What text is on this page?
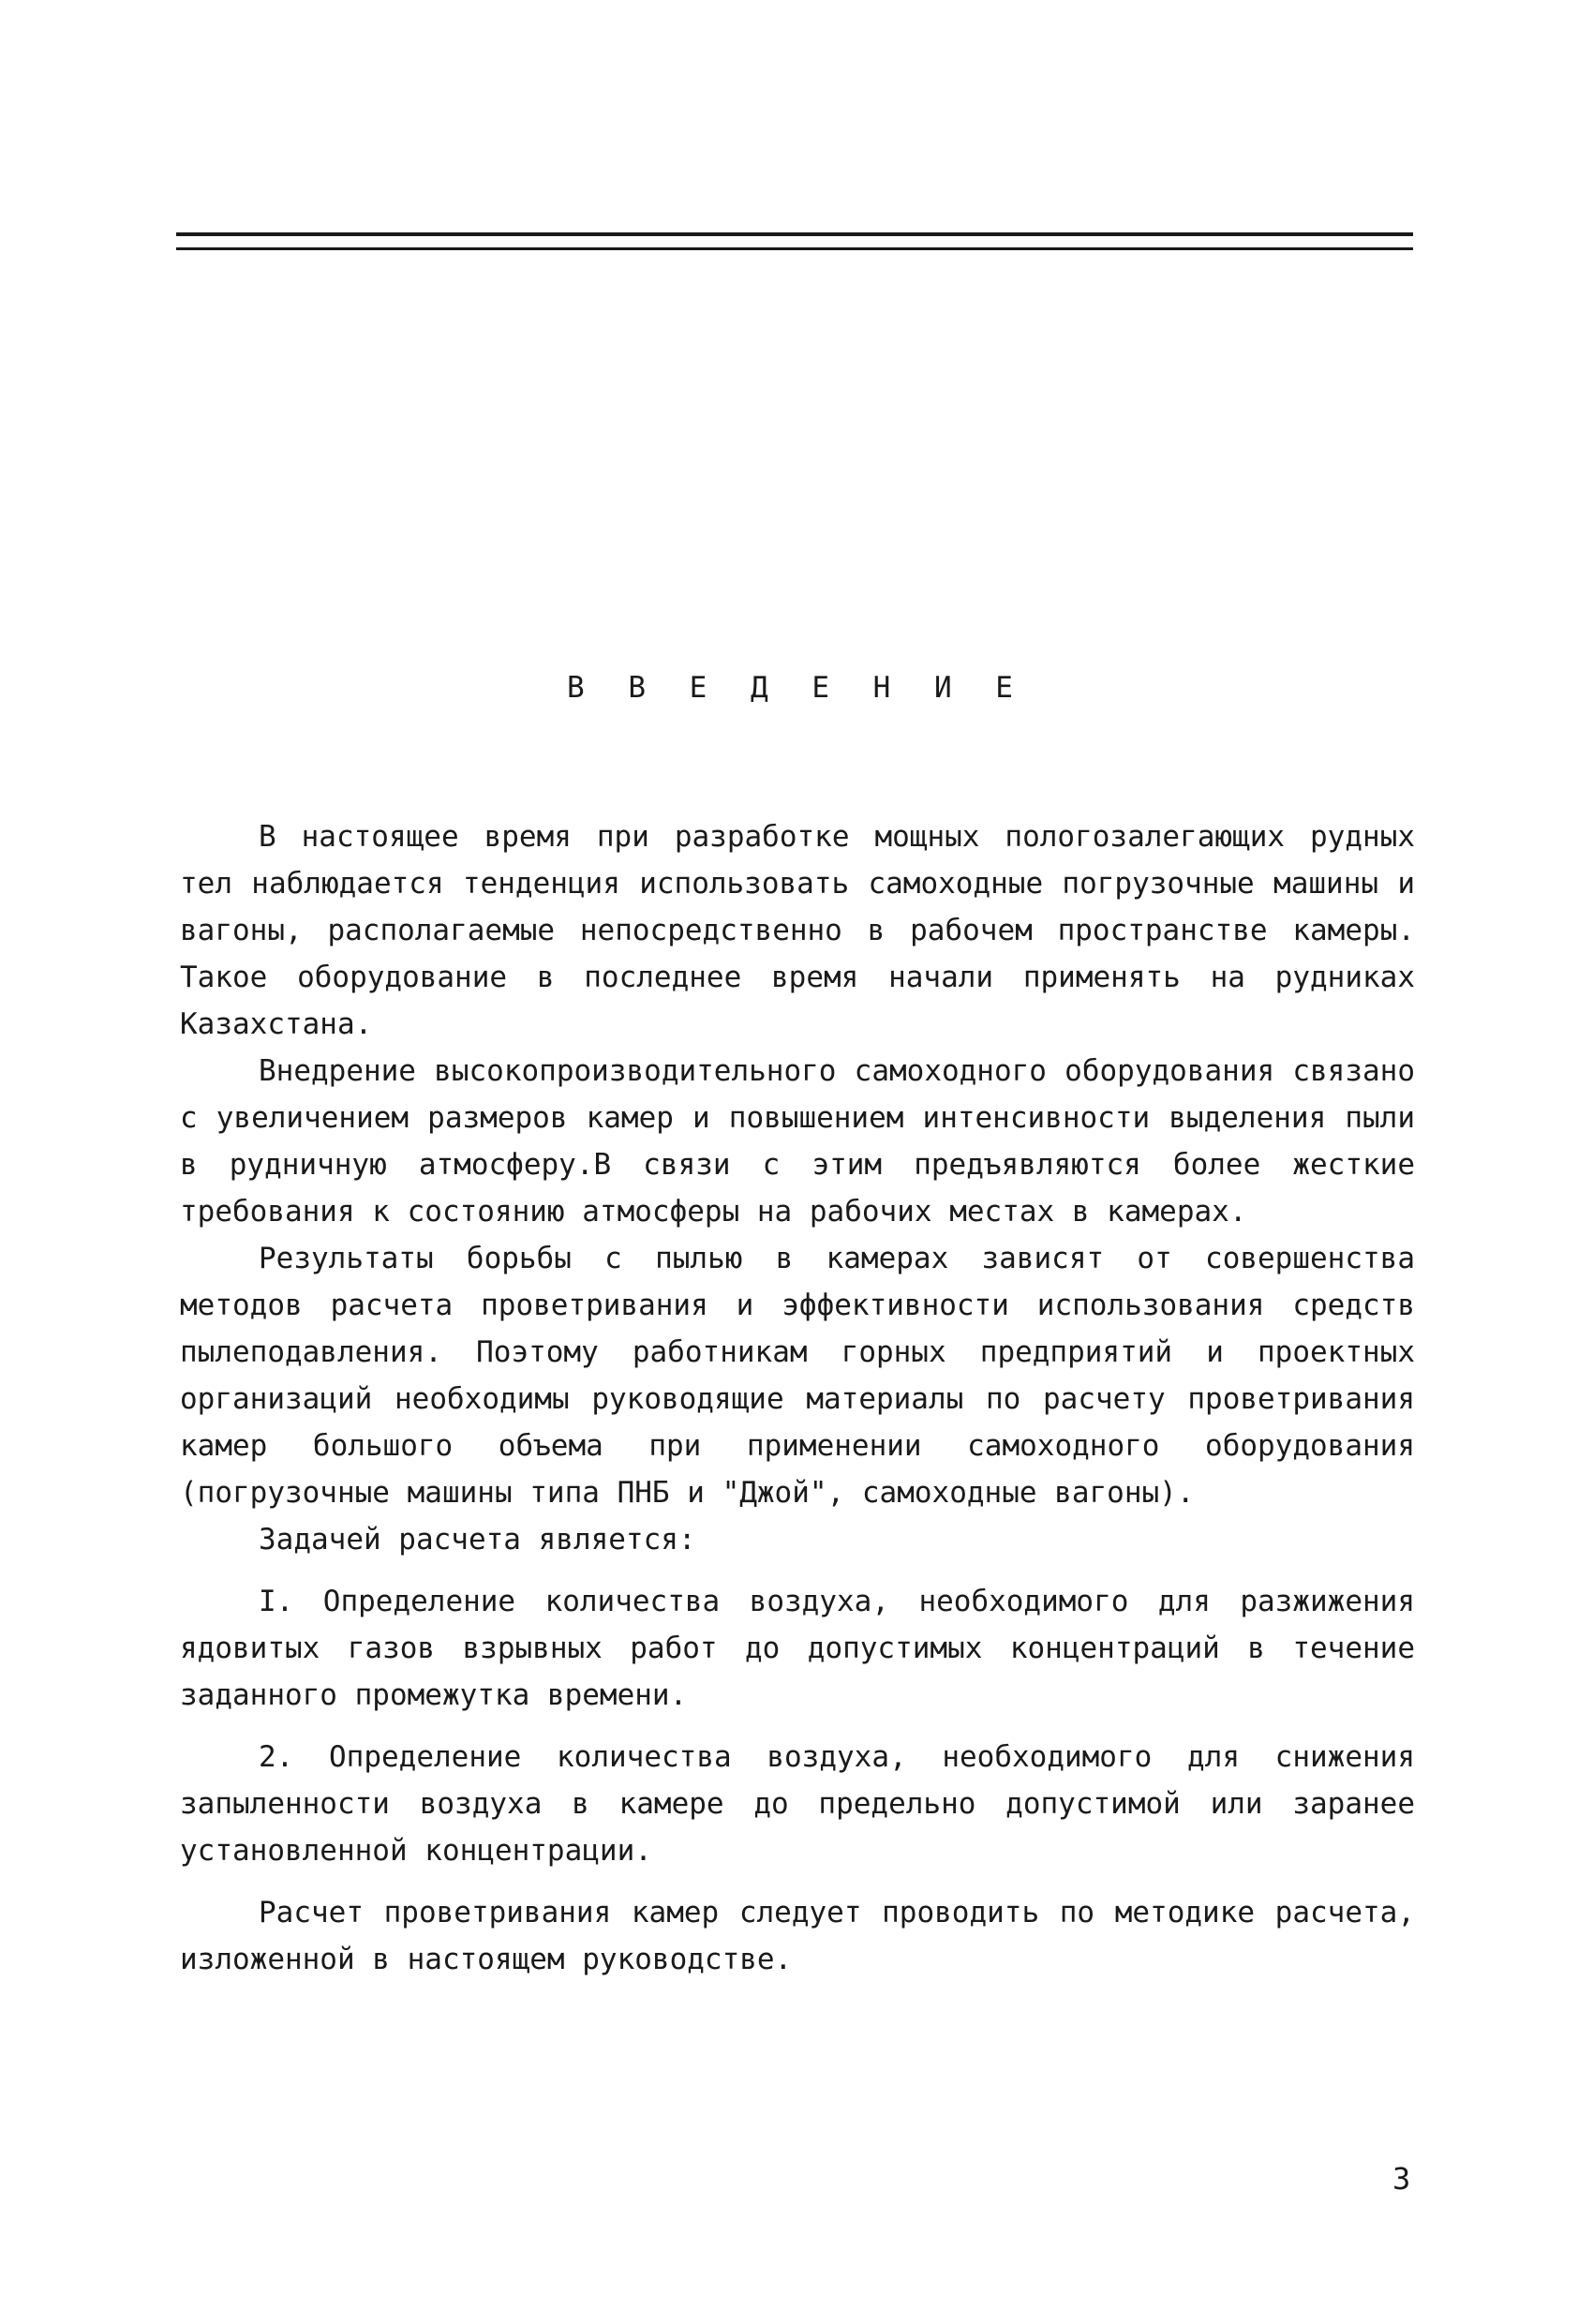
В В Е Д Е Н И Е

В настоящее время при разработке мощных пологозалегающих рудных тел наблюдается тенденция использовать самоходные погрузочные машины и вагоны, располагаемые непосредственно в рабочем пространстве камеры. Такое оборудование в последнее время начали применять на рудниках Казахстана.

Внедрение высокопроизводительного самоходного оборудования связано с увеличением размеров камер и повышением интенсивности выделения пыли в рудничную атмосферу.В связи с этим предъявляются более жесткие требования к состоянию атмосферы на рабочих местах в камерах.

Результаты борьбы с пылью в камерах зависят от совершенства методов расчета проветривания и эффективности использования средств пылеподавления. Поэтому работникам горных предприятий и проектных организаций необходимы руководящие материалы по расчету проветривания камер большого объема при применении самоходного оборудования (погрузочные машины типа ПНБ и "Джой", самоходные вагоны).

Задачей расчета является:

I. Определение количества воздуха, необходимого для разжижения ядовитых газов взрывных работ до допустимых концентраций в течение заданного промежутка времени.

2. Определение количества воздуха, необходимого для снижения запыленности воздуха в камере до предельно допустимой или заранее установленной концентрации.

Расчет проветривания камер следует проводить по методике расчета, изложенной в настоящем руководстве.

3
